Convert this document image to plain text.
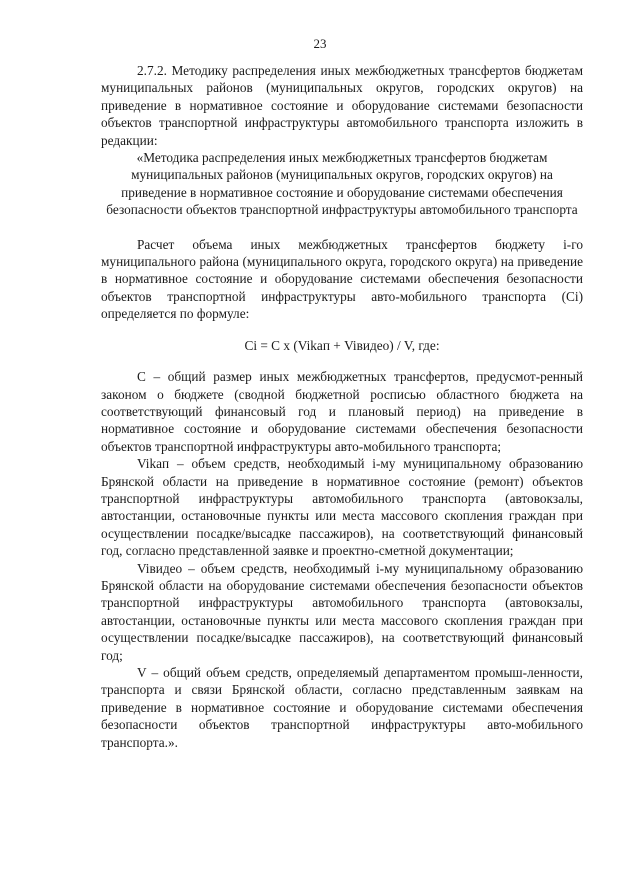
23

2.7.2. Методику распределения иных межбюджетных трансфертов бюджетам муниципальных районов (муниципальных округов, городских округов) на приведение в нормативное состояние и оборудование системами безопасности объектов транспортной инфраструктуры автомобильного транспорта изложить в редакции:

«Методика распределения иных межбюджетных трансфертов бюджетам муниципальных районов (муниципальных округов, городских округов) на приведение в нормативное состояние и оборудование системами обеспечения безопасности объектов транспортной инфраструктуры автомобильного транспорта

Расчет объема иных межбюджетных трансфертов бюджету i-го муниципального района (муниципального округа, городского округа) на приведение в нормативное состояние и оборудование системами обеспечения безопасности объектов транспортной инфраструктуры авто-мобильного транспорта (Ci) определяется по формуле:

Ci = C x (Vikaп + Viвидео) / V, где:

C – общий размер иных межбюджетных трансфертов, предусмот-ренный законом о бюджете (сводной бюджетной росписью областного бюджета на соответствующий финансовый год и плановый период) на приведение в нормативное состояние и оборудование системами обеспечения безопасности объектов транспортной инфраструктуры авто-мобильного транспорта;

Vikaп – объем средств, необходимый i-му муниципальному образованию Брянской области на приведение в нормативное состояние (ремонт) объектов транспортной инфраструктуры автомобильного транспорта (автовокзалы, автостанции, остановочные пункты или места массового скопления граждан при осуществлении посадке/высадке пассажиров), на соответствующий финансовый год, согласно представленной заявке и проектно-сметной документации;

Viвидео – объем средств, необходимый i-му муниципальному образованию Брянской области на оборудование системами обеспечения безопасности объектов транспортной инфраструктуры автомобильного транспорта (автовокзалы, автостанции, остановочные пункты или места массового скопления граждан при осуществлении посадке/высадке пассажиров), на соответствующий финансовый год;

V – общий объем средств, определяемый департаментом промыш-ленности, транспорта и связи Брянской области, согласно представленным заявкам на приведение в нормативное состояние и оборудование системами обеспечения безопасности объектов транспортной инфраструктуры авто-мобильного транспорта.».
